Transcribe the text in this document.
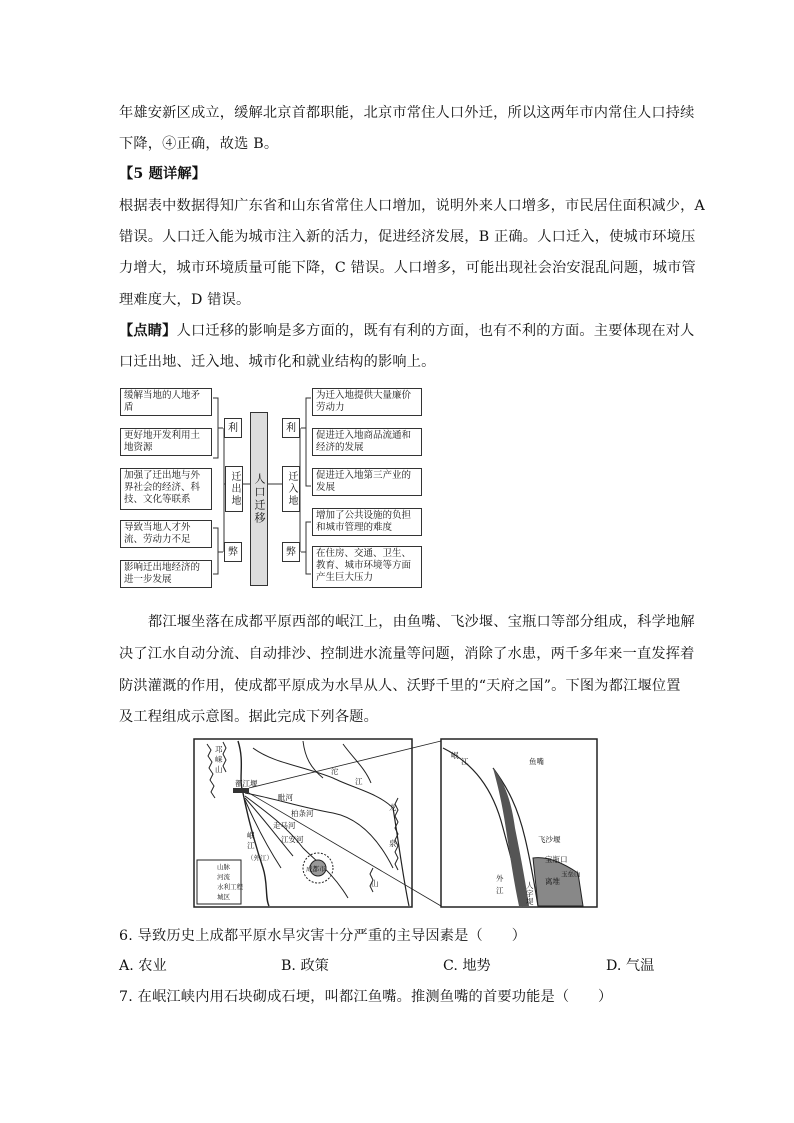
年雄安新区成立，缓解北京首都职能，北京市常住人口外迁，所以这两年市内常住人口持续
下降，④正确，故选 B。
【5 题详解】
根据表中数据得知广东省和山东省常住人口增加，说明外来人口增多，市民居住面积减少，A
错误。人口迁入能为城市注入新的活力，促进经济发展，B 正确。人口迁入，使城市环境压
力增大，城市环境质量可能下降，C 错误。人口增多，可能出现社会治安混乱问题，城市管
理难度大，D 错误。
【点睛】人口迁移的影响是多方面的，既有有利的方面，也有不利的方面。主要体现在对人
口迁出地、迁入地、城市化和就业结构的影响上。
缓解当地的人地矛盾
更好地开发利用土地资源
加强了迁出地与外界社会的经济、科技、文化等联系
导致当地人才外流、劳动力不足
影响迁出地经济的进一步发展
利
弊
迁出地 人口迁移	迁入地
利
弊
为迁入地提供大量廉价劳动力
促进迁入地商品流通和经济的发展
促进迁入地第三产业的发展
增加了公共设施的负担和城市管理的难度
在住房、交通、卫生、教育、城市环境等方面产生巨大压力
都江堰坐落在成都平原西部的岷江上，由鱼嘴、飞沙堰、宝瓶口等部分组成，科学地解
决了江水自动分流、自动排沙、控制进水流量等问题，消除了水患，两千多年来一直发挥着
防洪灌溉的作用，使成都平原成为水旱从人、沃野千里的“天府之国”。下图为都江堰位置
及工程组成示意图。据此完成下列各题。
邛
崃
山
都江堰
沱
江
毗河
柏条河
走马河
江安河
岷
江
（外江）
成都市
龙
泉
山
山脉
河流
水利工程
城区
岷
江	鱼嘴
飞沙堰
宝瓶口
离堆
玉垒山
外
江
人
字
堤
6. 导致历史上成都平原水旱灾害十分严重的主导因素是（　　）
A. 农业	B. 政策	C. 地势	D. 气温
7. 在岷江峡内用石块砌成石埂，叫都江鱼嘴。推测鱼嘴的首要功能是（　　）
